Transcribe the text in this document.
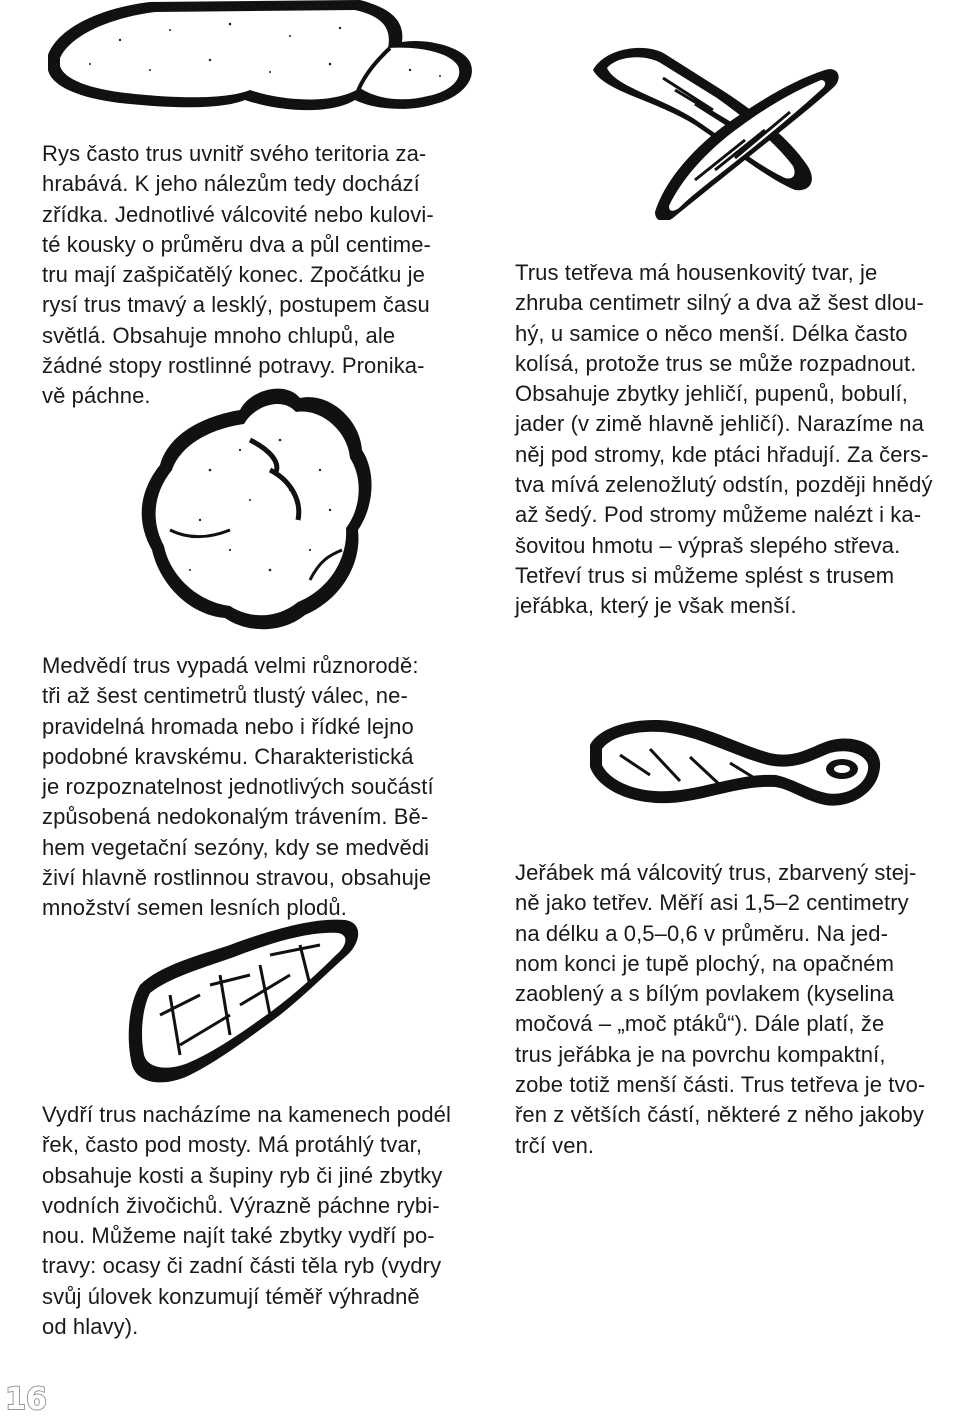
Rys často trus uvnitř svého teritoria za-
hrabává. K jeho nálezům tedy dochází
zřídka. Jednotlivé válcovité nebo kulovi-
té kousky o průměru dva a půl centime-
tru mají zašpičatělý konec. Zpočátku je
rysí trus tmavý a lesklý, postupem času
světlá. Obsahuje mnoho chlupů, ale
žádné stopy rostlinné potravy. Pronika-
vě páchne.
Trus tetřeva má housenkovitý tvar, je
zhruba centimetr silný a dva až šest dlou-
hý, u samice o něco menší. Délka často
kolísá, protože trus se může rozpadnout.
Obsahuje zbytky jehličí, pupenů, bobulí,
jader (v zimě hlavně jehličí). Narazíme na
něj pod stromy, kde ptáci hřadují. Za čers-
tva mívá zelenožlutý odstín, později hnědý
až šedý. Pod stromy můžeme nalézt i ka-
šovitou hmotu – výpraš slepého střeva.
Tetřeví trus si můžeme splést s trusem
jeřábka, který je však menší.
Medvědí trus vypadá velmi různorodě:
tři až šest centimetrů tlustý válec, ne-
pravidelná hromada nebo i řídké lejno
podobné kravskému. Charakteristická
je rozpoznatelnost jednotlivých součástí
způsobená nedokonalým trávením. Bě-
hem vegetační sezóny, kdy se medvědi
živí hlavně rostlinnou stravou, obsahuje
množství semen lesních plodů.
Jeřábek má válcovitý trus, zbarvený stej-
ně jako tetřev. Měří asi 1,5–2 centimetry
na délku a 0,5–0,6 v průměru. Na jed-
nom konci je tupě plochý, na opačném
zaoblený a s bílým povlakem (kyselina
močová – „moč ptáků“). Dále platí, že
trus jeřábka je na povrchu kompaktní,
zobe totiž menší části. Trus tetřeva je tvo-
řen z větších částí, některé z něho jakoby
trčí ven.
Vydří trus nacházíme na kamenech podél
řek, často pod mosty. Má protáhlý tvar,
obsahuje kosti a šupiny ryb či jiné zbytky
vodních živočichů. Výrazně páchne rybi-
nou. Můžeme najít také zbytky vydří po-
travy: ocasy či zadní části těla ryb (vydry
svůj úlovek konzumují téměř výhradně
od hlavy).
16
